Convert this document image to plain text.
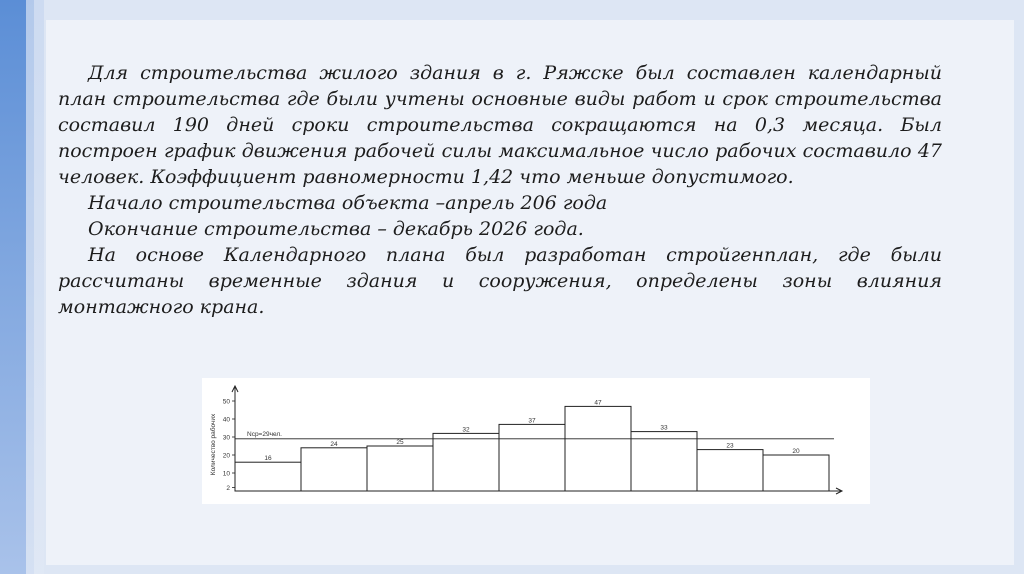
Для строительства жилого здания в г. Ряжске был составлен календарный план строительства где были учтены основные виды работ и срок строительства составил 190 дней сроки строительства сокращаются на 0,3 месяца. Был построен график движения рабочей силы максимальное число рабочих составило 47 человек. Коэффициент равномерности 1,42 что меньше допустимого.

Начало строительства объекта –апрель 206 года

Окончание строительства – декабрь 2026 года.

На основе Календарного плана был разработан стройгенплан, где были рассчитаны временные здания и сооружения, определены зоны влияния монтажного крана.

2
10
20
30
40
50
Количество рабочих	16
24	25
32
37
47
33
23
20
Nср=29чел.
